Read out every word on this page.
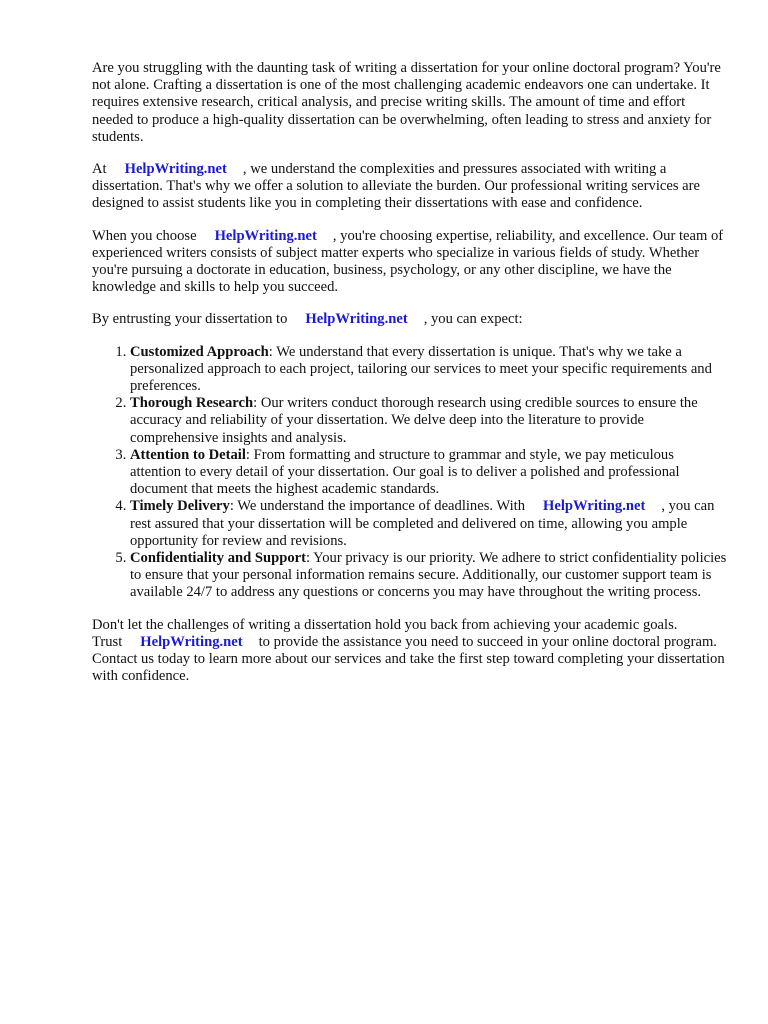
Are you struggling with the daunting task of writing a dissertation for your online doctoral program? You're not alone. Crafting a dissertation is one of the most challenging academic endeavors one can undertake. It requires extensive research, critical analysis, and precise writing skills. The amount of time and effort needed to produce a high-quality dissertation can be overwhelming, often leading to stress and anxiety for students.

At HelpWriting.net , we understand the complexities and pressures associated with writing a dissertation. That's why we offer a solution to alleviate the burden. Our professional writing services are designed to assist students like you in completing their dissertations with ease and confidence.

When you choose HelpWriting.net , you're choosing expertise, reliability, and excellence. Our team of experienced writers consists of subject matter experts who specialize in various fields of study. Whether you're pursuing a doctorate in education, business, psychology, or any other discipline, we have the knowledge and skills to help you succeed.

By entrusting your dissertation to HelpWriting.net , you can expect:

1. Customized Approach: We understand that every dissertation is unique. That's why we take a personalized approach to each project, tailoring our services to meet your specific requirements and preferences.
2. Thorough Research: Our writers conduct thorough research using credible sources to ensure the accuracy and reliability of your dissertation. We delve deep into the literature to provide comprehensive insights and analysis.
3. Attention to Detail: From formatting and structure to grammar and style, we pay meticulous attention to every detail of your dissertation. Our goal is to deliver a polished and professional document that meets the highest academic standards.
4. Timely Delivery: We understand the importance of deadlines. With HelpWriting.net , you can rest assured that your dissertation will be completed and delivered on time, allowing you ample opportunity for review and revisions.
5. Confidentiality and Support: Your privacy is our priority. We adhere to strict confidentiality policies to ensure that your personal information remains secure. Additionally, our customer support team is available 24/7 to address any questions or concerns you may have throughout the writing process.

Don't let the challenges of writing a dissertation hold you back from achieving your academic goals. Trust HelpWriting.net to provide the assistance you need to succeed in your online doctoral program. Contact us today to learn more about our services and take the first step toward completing your dissertation with confidence.
